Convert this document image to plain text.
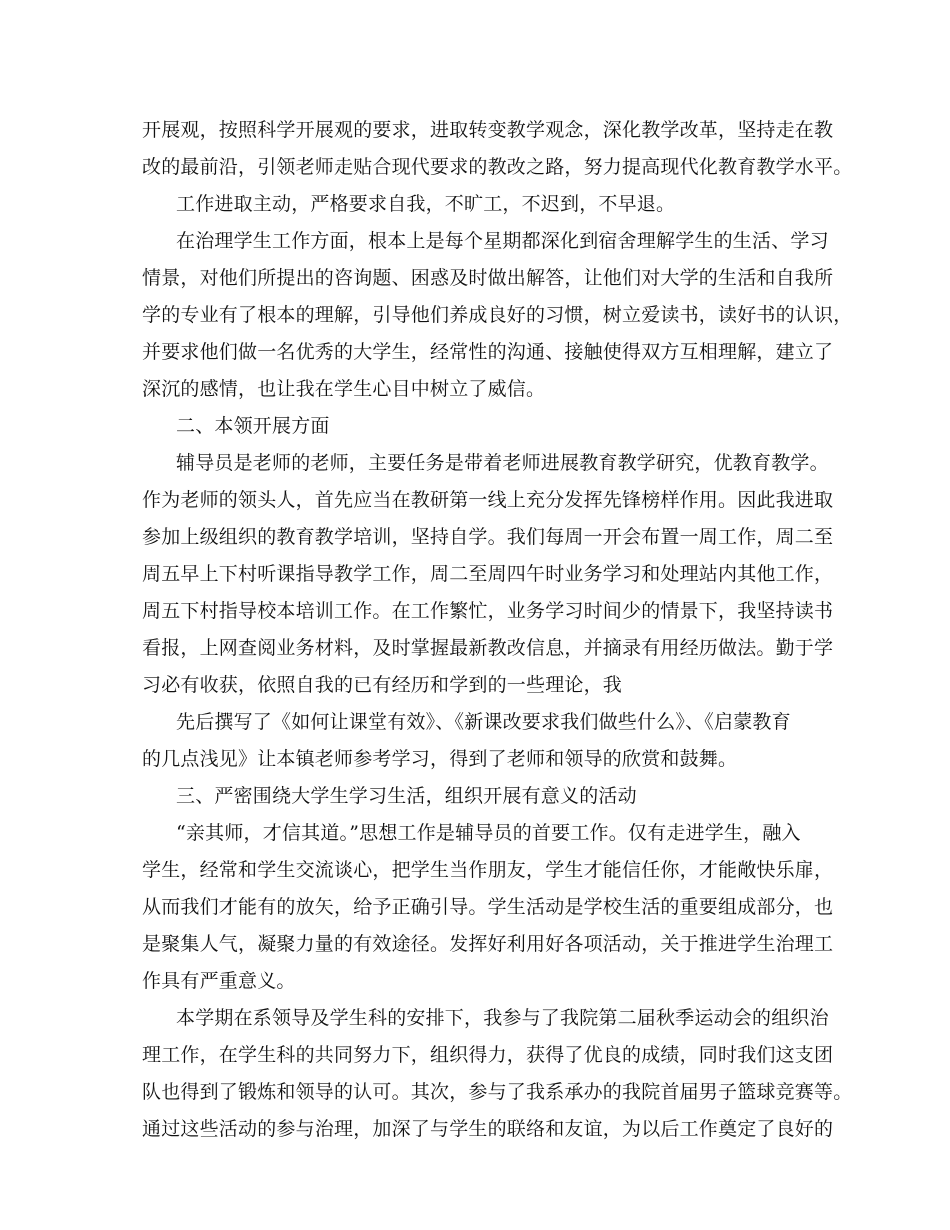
开展观，按照科学开展观的要求，进取转变教学观念，深化教学改革，坚持走在教
改的最前沿，引领老师走贴合现代要求的教改之路，努力提高现代化教育教学水平。
工作进取主动，严格要求自我，不旷工，不迟到，不早退。
在治理学生工作方面，根本上是每个星期都深化到宿舍理解学生的生活、学习
情景，对他们所提出的咨询题、困惑及时做出解答，让他们对大学的生活和自我所
学的专业有了根本的理解，引导他们养成良好的习惯，树立爱读书，读好书的认识，
并要求他们做一名优秀的大学生，经常性的沟通、接触使得双方互相理解，建立了
深沉的感情，也让我在学生心目中树立了威信。
二、本领开展方面
辅导员是老师的老师，主要任务是带着老师进展教育教学研究，优教育教学。
作为老师的领头人，首先应当在教研第一线上充分发挥先锋榜样作用。因此我进取
参加上级组织的教育教学培训，坚持自学。我们每周一开会布置一周工作，周二至
周五早上下村听课指导教学工作，周二至周四午时业务学习和处理站内其他工作，
周五下村指导校本培训工作。在工作繁忙，业务学习时间少的情景下，我坚持读书
看报，上网查阅业务材料，及时掌握最新教改信息，并摘录有用经历做法。勤于学
习必有收获，依照自我的已有经历和学到的一些理论，我
先后撰写了《如何让课堂有效》、《新课改要求我们做些什么》、《启蒙教育
的几点浅见》让本镇老师参考学习，得到了老师和领导的欣赏和鼓舞。
三、严密围绕大学生学习生活，组织开展有意义的活动
“亲其师，才信其道。”思想工作是辅导员的首要工作。仅有走进学生，融入
学生，经常和学生交流谈心，把学生当作朋友，学生才能信任你，才能敞快乐扉，
从而我们才能有的放矢，给予正确引导。学生活动是学校生活的重要组成部分，也
是聚集人气，凝聚力量的有效途径。发挥好利用好各项活动，关于推进学生治理工
作具有严重意义。
本学期在系领导及学生科的安排下，我参与了我院第二届秋季运动会的组织治
理工作，在学生科的共同努力下，组织得力，获得了优良的成绩，同时我们这支团
队也得到了锻炼和领导的认可。其次，参与了我系承办的我院首届男子篮球竞赛等。
通过这些活动的参与治理，加深了与学生的联络和友谊，为以后工作奠定了良好的
